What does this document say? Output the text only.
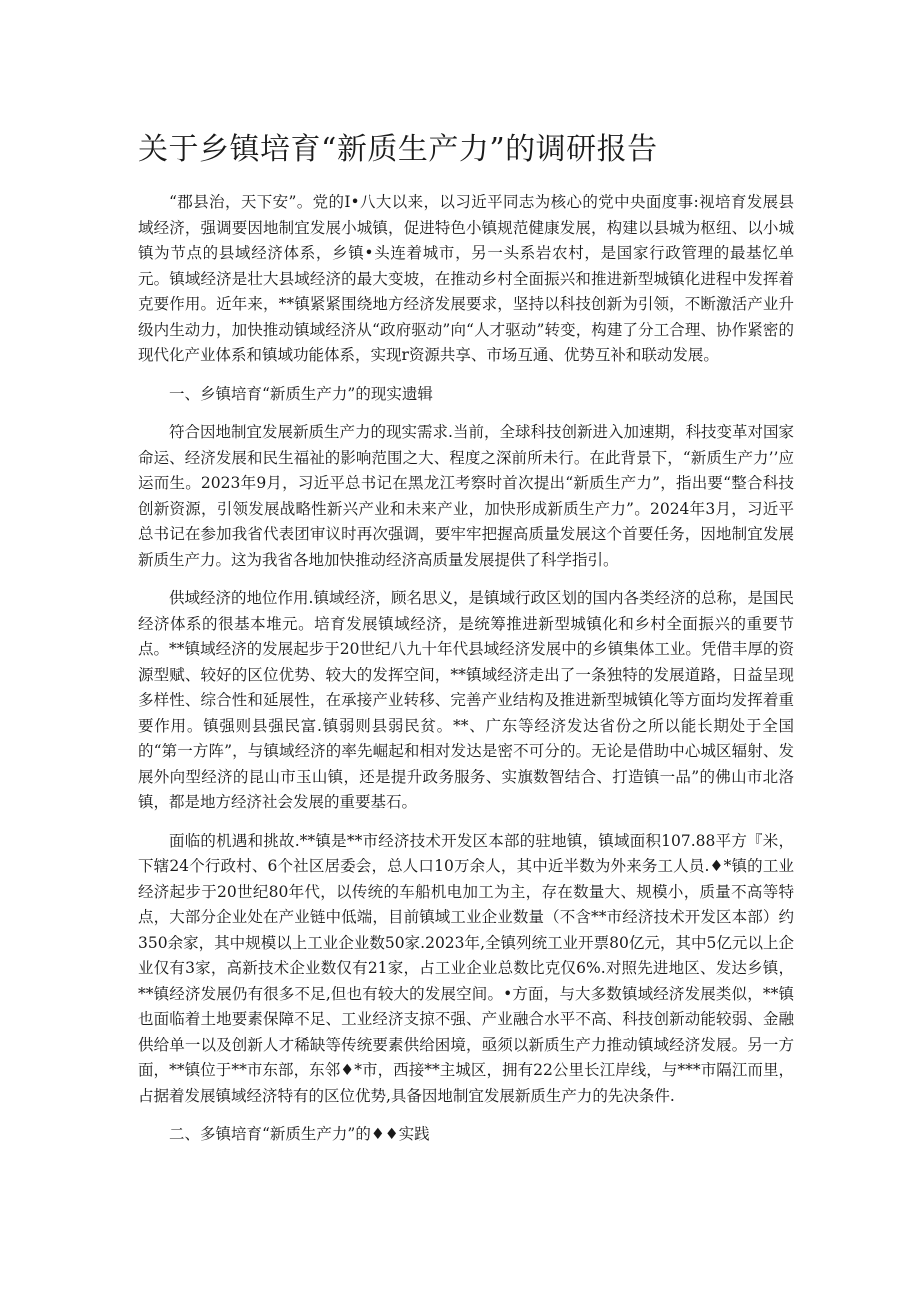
关于乡镇培育“新质生产力”的调研报告

“郡县治，天下安”。党的I•八大以来，以习近平同志为核心的党中央面度事:视培育发展县域经济，强调要因地制宜发展小城镇，促进特色小镇规范健康发展，构建以县城为枢纽、以小城镇为节点的县域经济体系，乡镇•头连着城市，另一头系岩农村，是国家行政管理的最基忆单元。镇域经济是壮大县域经济的最大变坡，在推动乡村全面振兴和推进新型城镇化进程中发挥着克要作用。近年来，**镇紧紧围绕地方经济发展要求，坚持以科技创新为引领，不断激活产业升级内生动力，加快推动镇域经济从“政府驱动”向“人才驱动”转变，构建了分工合理、协作紧密的现代化产业体系和镇域功能体系，实现r资源共享、市场互通、优势互补和联动发展。

一、乡镇培育“新质生产力”的现实遗辑

符合因地制宜发展新质生产力的现实需求.当前，全球科技创新进入加速期，科技变革对国家命运、经济发展和民生福祉的影响范围之大、程度之深前所未行。在此背景下，“新质生产力’’应运而生。2023年9月，习近平总书记在黑龙江考察时首次提出“新质生产力”，指出要“整合科技创新资源，引领发展战略性新兴产业和未来产业，加快形成新质生产力”。2024年3月，习近平总书记在参加我省代表团审议时再次强调，要牢牢把握高质量发展这个首要任务，因地制宜发展新质生产力。这为我省各地加快推动经济高质量发展提供了科学指引。

供域经济的地位作用.镇域经济，顾名思义，是镇域行政区划的国内各类经济的总称，是国民经济体系的很基本堆元。培育发展镇域经济，是统筹推进新型城镇化和乡村全面振兴的重要节点。**镇域经济的发展起步于20世纪八九十年代县域经济发展中的乡镇集体工业。凭借丰厚的资源型赋、较好的区位优势、较大的发挥空间，**镇域经济走出了一条独特的发展道路，日益呈现多样性、综合性和延展性，在承接产业转移、完善产业结构及推进新型城镇化等方面均发挥着重要作用。镇强则县强民富.镇弱则县弱民贫。**、广东等经济发达省份之所以能长期处于全国的“第一方阵”，与镇域经济的率先崛起和相对发达是密不可分的。无论是借助中心城区辐射、发展外向型经济的昆山市玉山镇，还是提升政务服务、实旗数智结合、打造镇一品”的佛山市北洛镇，都是地方经济社会发展的重要基石。

面临的机遇和挑故.**镇是**市经济技术开发区本部的驻地镇，镇域面积107.88平方『米，下辖24个行政村、6个社区居委会，总人口10万余人，其中近半数为外来务工人员.♦*镇的工业经济起步于20世纪80年代，以传统的车船机电加工为主，存在数量大、规模小，质量不高等特点，大部分企业处在产业链中低端，目前镇域工业企业数量（不含**市经济技术开发区本部）约350余家，其中规模以上工业企业数50家.2023年,全镇列统工业开票80亿元，其中5亿元以上企业仅有3家，高新技术企业数仅有21家，占工业企业总数比克仅6%.对照先进地区、发达乡镇，**镇经济发展仍有很多不足,但也有较大的发展空间。•方面，与大多数镇域经济发展类似，**镇也面临着土地要素保障不足、工业经济支掠不强、产业融合水平不高、科技创新动能较弱、金融供给单一以及创新人才稀缺等传统要素供给困境，亟须以新质生产力推动镇域经济发屐。另一方面，**镇位于**市东部，东邻♦*市，西接**主城区，拥有22公里长江岸线，与***市隔江而里，占据着发展镇域经济特有的区位优势,具备因地制宜发展新质生产力的先决条件.

二、多镇培育“新质生产力”的♦♦实践
